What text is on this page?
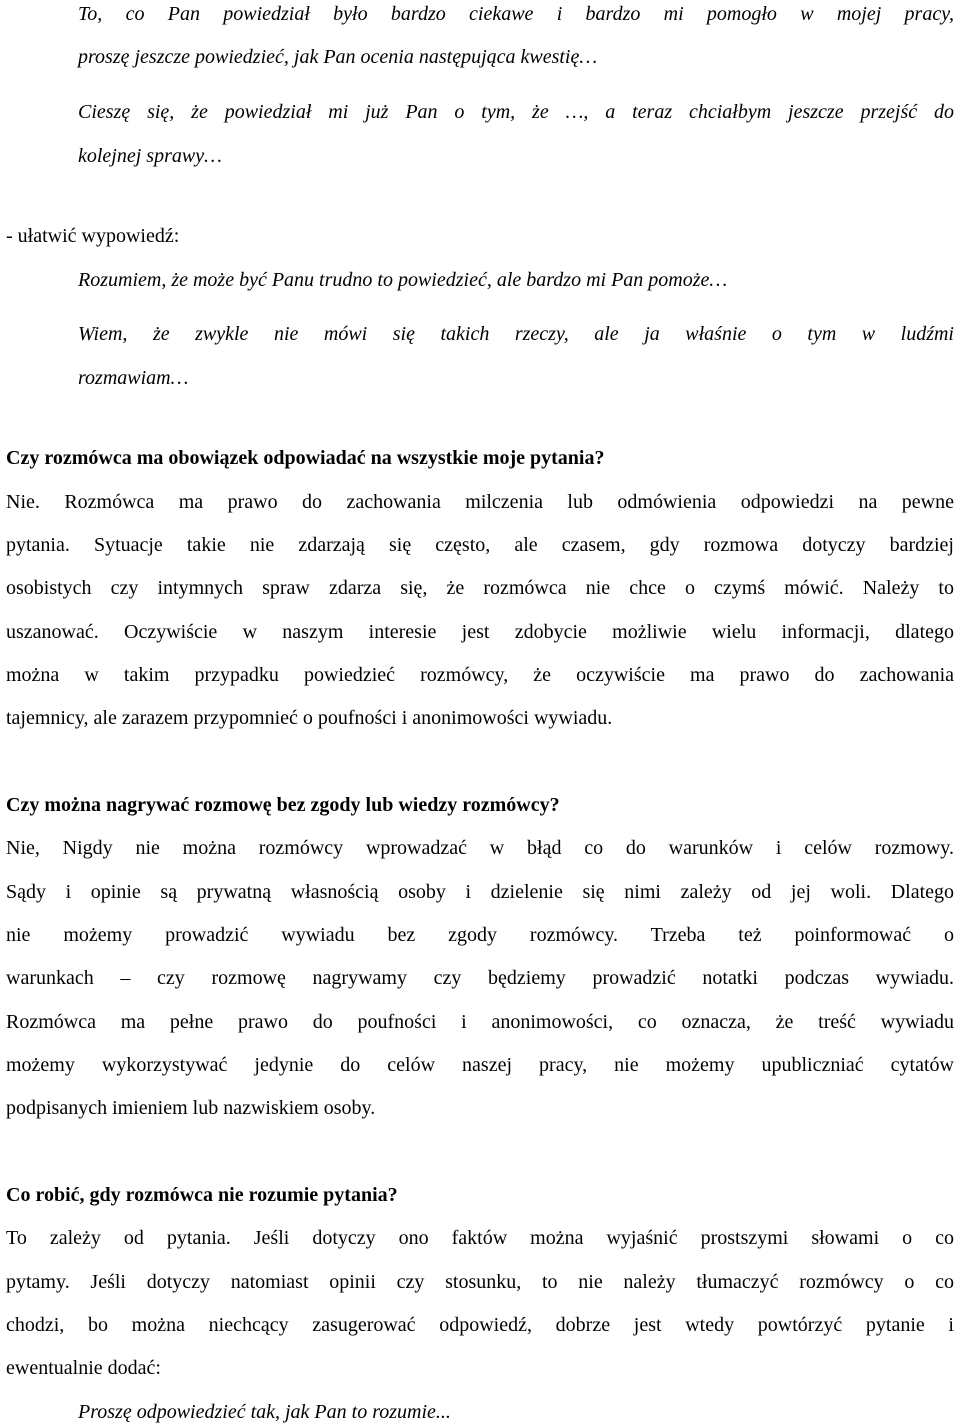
To, co Pan powiedział było bardzo ciekawe i bardzo mi pomogło w mojej pracy,
proszę jeszcze powiedzieć, jak Pan ocenia następująca kwestię…
Cieszę się, że powiedział mi już Pan o tym, że …, a teraz chciałbym jeszcze przejść do
kolejnej sprawy…
- ułatwić wypowiedź:
Rozumiem, że może być Panu trudno to powiedzieć, ale bardzo mi Pan pomoże…
Wiem, że zwykle nie mówi się takich rzeczy, ale ja właśnie o tym w ludźmi
rozmawiam…
Czy rozmówca ma obowiązek odpowiadać na wszystkie moje pytania?
Nie. Rozmówca ma prawo do zachowania milczenia lub odmówienia odpowiedzi na pewne
pytania. Sytuacje takie nie zdarzają się często, ale czasem, gdy rozmowa dotyczy bardziej
osobistych czy intymnych spraw zdarza się, że rozmówca nie chce o czymś mówić. Należy to
uszanować. Oczywiście w naszym interesie jest zdobycie możliwie wielu informacji, dlatego
można w takim przypadku powiedzieć rozmówcy, że oczywiście ma prawo do zachowania
tajemnicy, ale zarazem przypomnieć o poufności i anonimowości wywiadu.
Czy można nagrywać rozmowę bez zgody lub wiedzy rozmówcy?
Nie, Nigdy nie można rozmówcy wprowadzać w błąd co do warunków i celów rozmowy.
Sądy i opinie są prywatną własnością osoby i dzielenie się nimi zależy od jej woli. Dlatego
nie możemy prowadzić wywiadu bez zgody rozmówcy. Trzeba też poinformować o
warunkach – czy rozmowę nagrywamy czy będziemy prowadzić notatki podczas wywiadu.
Rozmówca ma pełne prawo do poufności i anonimowości, co oznacza, że treść wywiadu
możemy wykorzystywać jedynie do celów naszej pracy, nie możemy upubliczniać cytatów
podpisanych imieniem lub nazwiskiem osoby.
Co robić, gdy rozmówca nie rozumie pytania?
To zależy od pytania. Jeśli dotyczy ono faktów można wyjaśnić prostszymi słowami o co
pytamy. Jeśli dotyczy natomiast opinii czy stosunku, to nie należy tłumaczyć rozmówcy o co
chodzi, bo można niechcący zasugerować odpowiedź, dobrze jest wtedy powtórzyć pytanie i
ewentualnie dodać:
Proszę odpowiedzieć tak, jak Pan to rozumie...
